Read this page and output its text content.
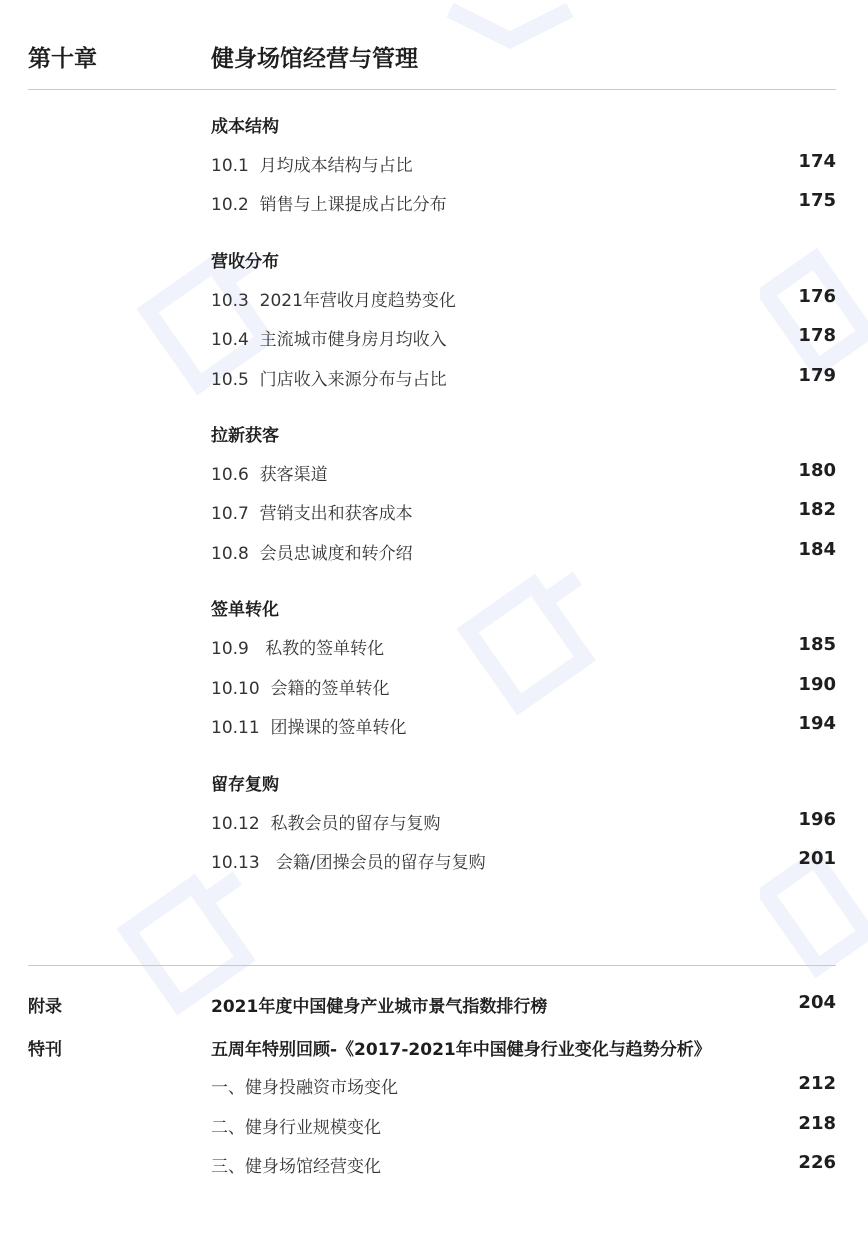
第十章	健身场馆经营与管理
成本结构
10.1 月均成本结构与占比	174
10.2 销售与上课提成占比分布	175
营收分布
10.3 2021年营收月度趋势变化	176
10.4 主流城市健身房月均收入	178
10.5 门店收入来源分布与占比	179
拉新获客
10.6 获客渠道	180
10.7 营销支出和获客成本	182
10.8 会员忠诚度和转介绍	184
签单转化
10.9 私教的签单转化	185
10.10 会籍的签单转化	190
10.11 团操课的签单转化	194
留存复购
10.12 私教会员的留存与复购	196
10.13 会籍/团操会员的留存与复购	201
附录	2021年度中国健身产业城市景气指数排行榜	204
特刊	五周年特别回顾-《2017-2021年中国健身行业变化与趋势分析》
一、健身投融资市场变化	212
二、健身行业规模变化	218
三、健身场馆经营变化	226
